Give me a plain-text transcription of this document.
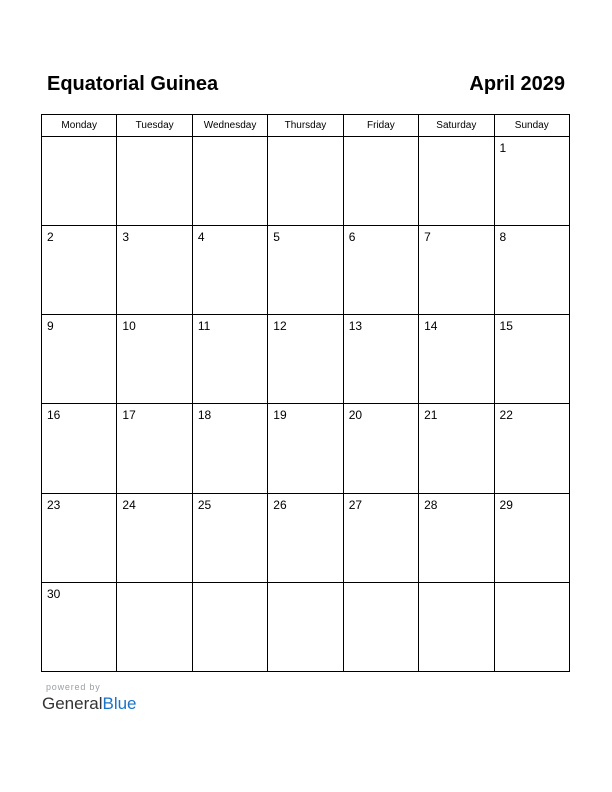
Equatorial Guinea	April 2029
Monday	Tuesday	Wednesday	Thursday	Friday	Saturday	Sunday

						1

2	3	4	5	6	7	8

9	10	11	12	13	14	15

16	17	18	19	20	21	22

23	24	25	26	27	28	29

30						

powered by
GeneralBlue
